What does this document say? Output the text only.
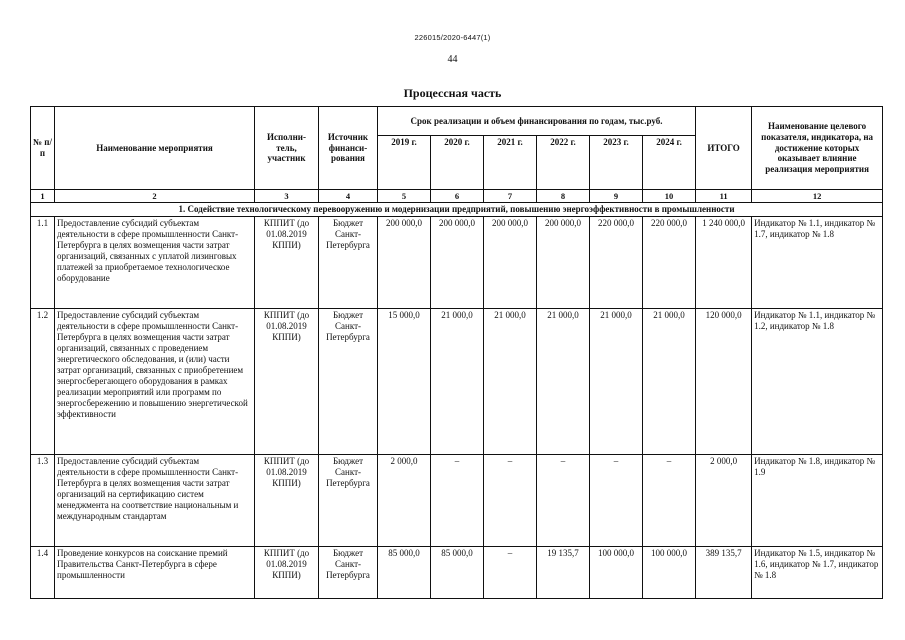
226015/2020-6447(1)
44
Процессная часть
№ п/п	Наименование мероприятия	Исполни-тель, участник	Источник финанси-рования	Срок реализации и объем финансирования по годам, тыс.руб.						ИТОГО	Наименование целевого показателя, индикатора, на достижение которых оказывает влияние реализация мероприятия
				2019 г.	2020 г.	2021 г.	2022 г.	2023 г.	2024 г.		
1	2	3	4	5	6	7	8	9	10	11	12
1. Содействие технологическому перевооружению и модернизации предприятий, повышению энергоэффективности в промышленности											
1.1	Предоставление субсидий субъектам деятельности в сфере промышленности Санкт-Петербурга в целях возмещения части затрат организаций, связанных с уплатой лизинговых платежей за приобретаемое технологическое оборудование	КППИТ (до 01.08.2019 КППИ)	Бюджет Санкт-Петербурга	200 000,0	200 000,0	200 000,0	200 000,0	220 000,0	220 000,0	1 240 000,0	Индикатор № 1.1, индикатор № 1.7, индикатор № 1.8
1.2	Предоставление субсидий субъектам деятельности в сфере промышленности Санкт-Петербурга в целях возмещения части затрат организаций, связанных с проведением энергетического обследования, и (или) части затрат организаций, связанных с приобретением энергосберегающего оборудования в рамках реализации мероприятий или программ по энергосбережению и повышению энергетической эффективности	КППИТ (до 01.08.2019 КППИ)	Бюджет Санкт-Петербурга	15 000,0	21 000,0	21 000,0	21 000,0	21 000,0	21 000,0	120 000,0	Индикатор № 1.1, индикатор № 1.2, индикатор № 1.8
1.3	Предоставление субсидий субъектам деятельности в сфере промышленности Санкт-Петербурга в целях возмещения части затрат организаций на сертификацию систем менеджмента на соответствие национальным и международным стандартам	КППИТ (до 01.08.2019 КППИ)	Бюджет Санкт-Петербурга	2 000,0	–	–	–	–	–	2 000,0	Индикатор № 1.8, индикатор № 1.9
1.4	Проведение конкурсов на соискание премий Правительства Санкт-Петербурга в сфере промышленности	КППИТ (до 01.08.2019 КППИ)	Бюджет Санкт-Петербурга	85 000,0	85 000,0	–	19 135,7	100 000,0	100 000,0	389 135,7	Индикатор № 1.5, индикатор № 1.6, индикатор № 1.7, индикатор № 1.8
